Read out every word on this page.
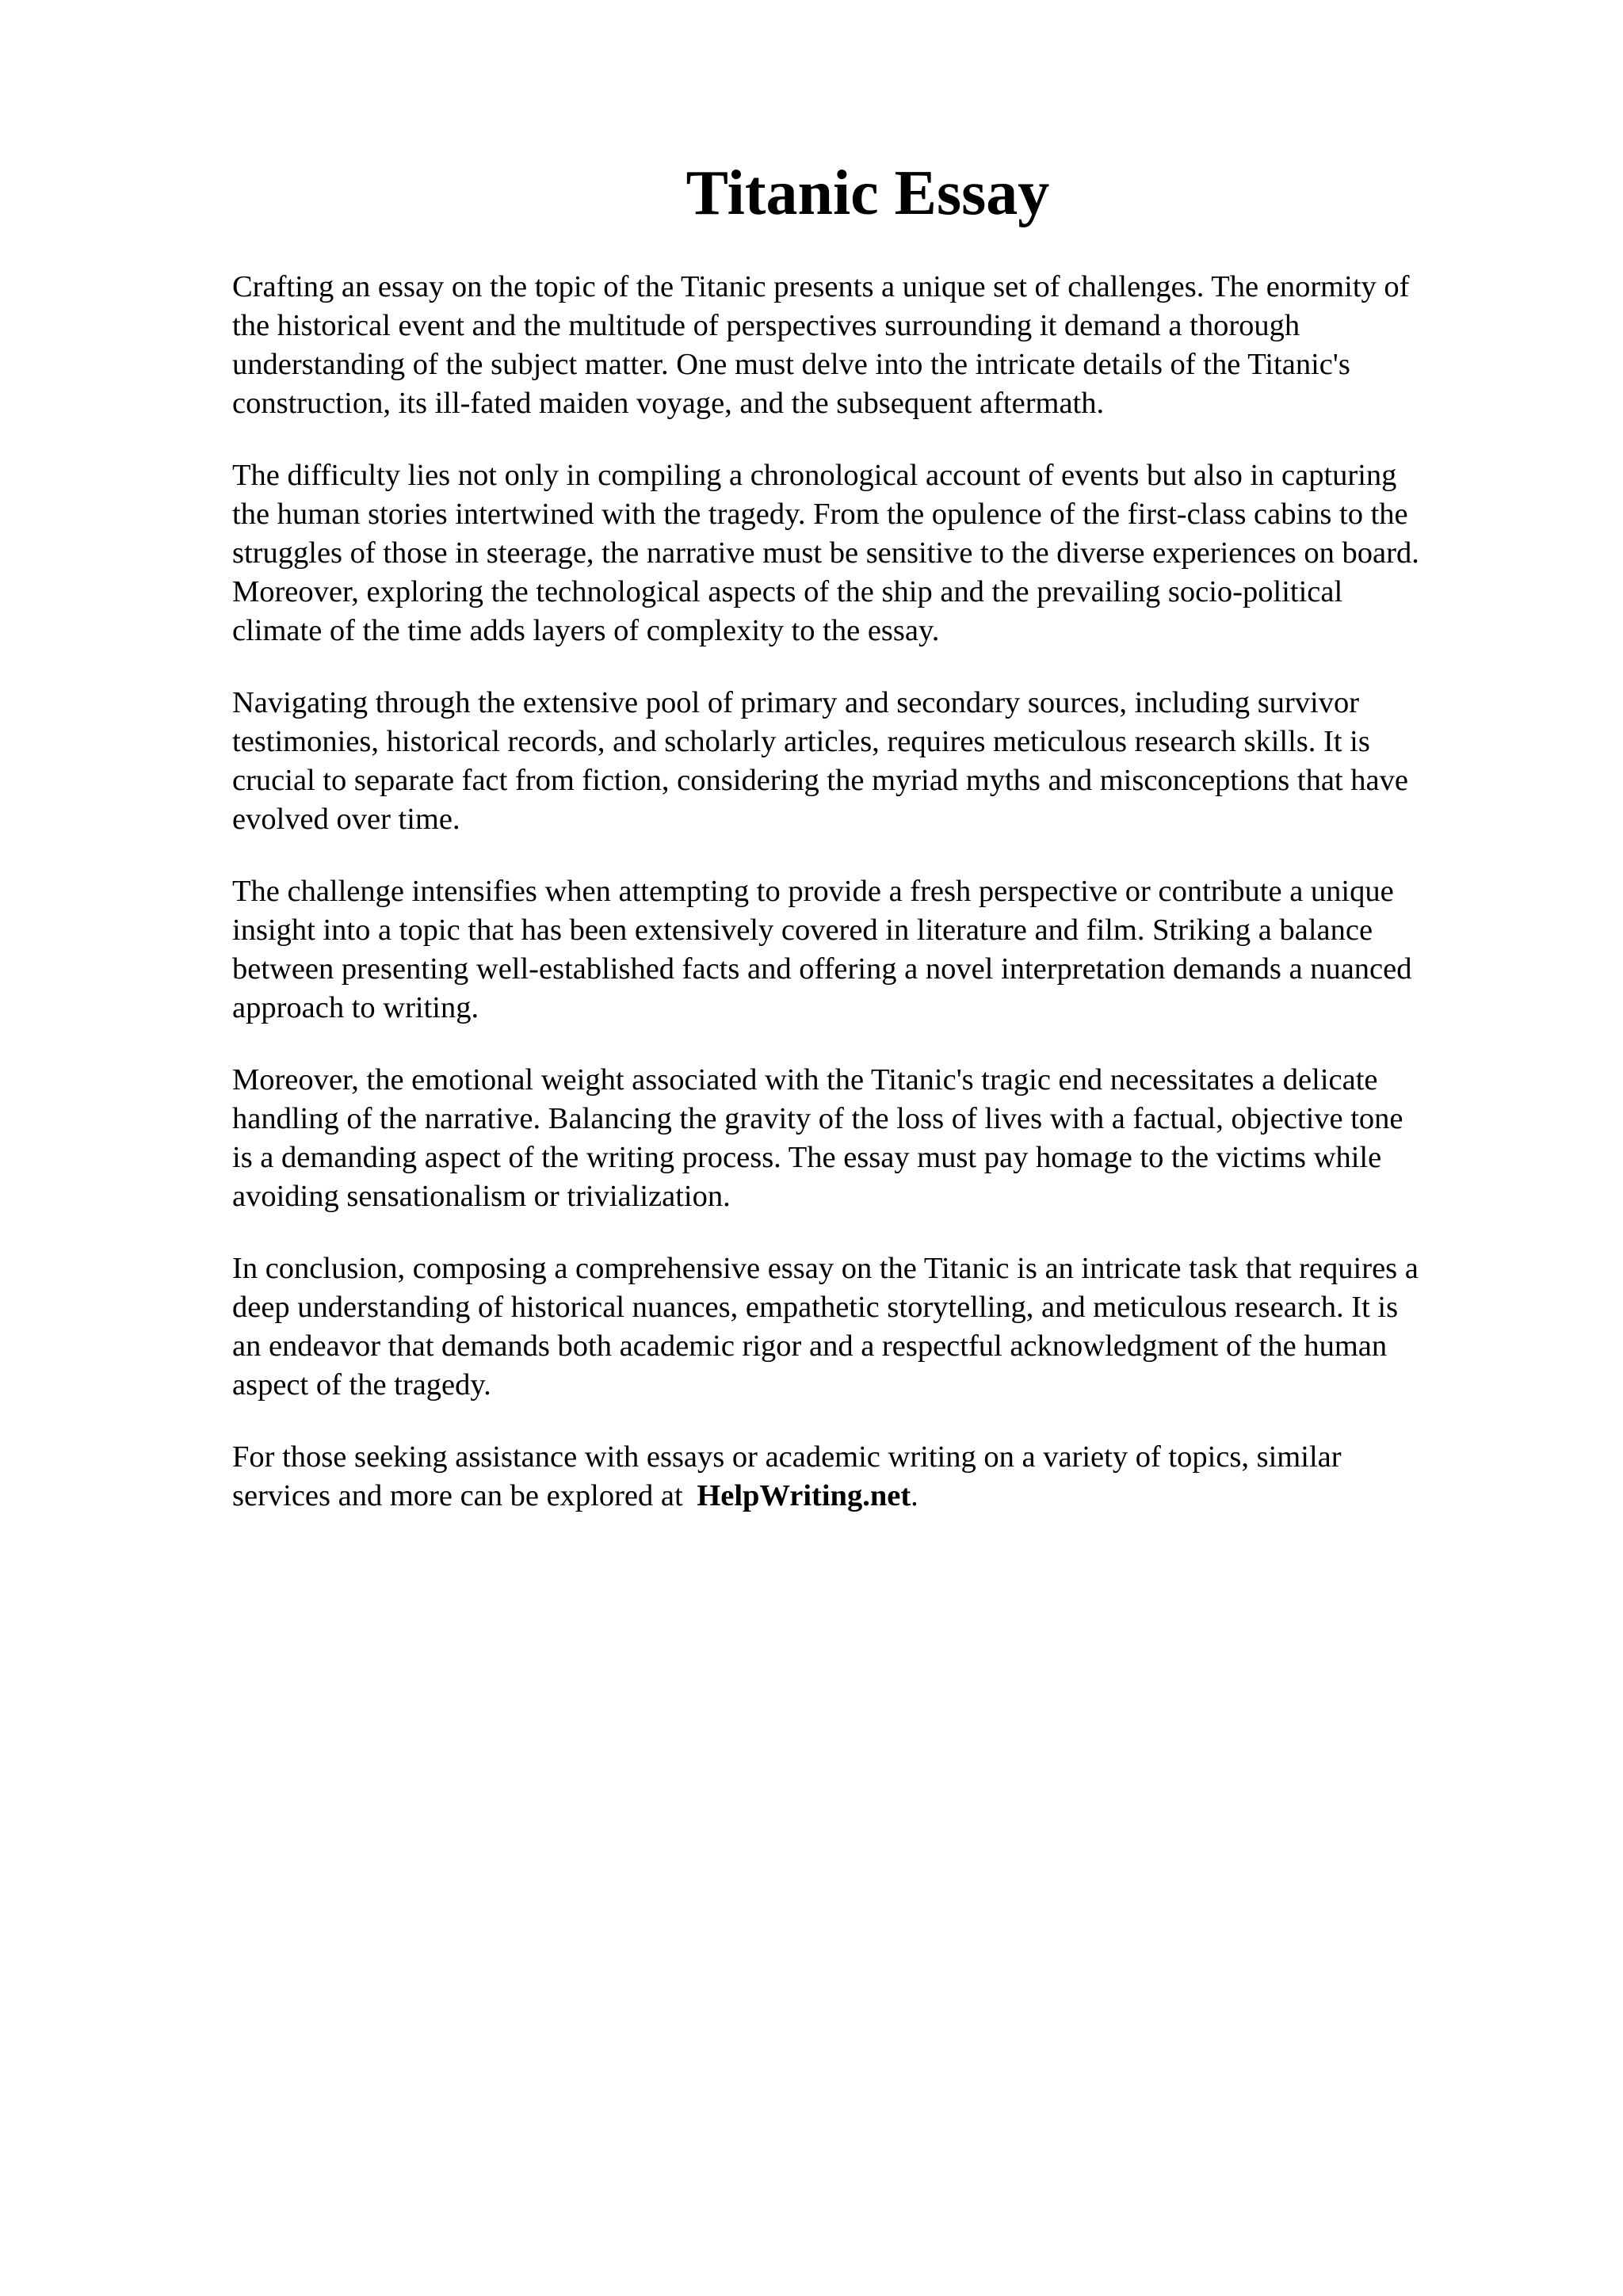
Titanic Essay

Crafting an essay on the topic of the Titanic presents a unique set of challenges. The enormity of
the historical event and the multitude of perspectives surrounding it demand a thorough
understanding of the subject matter. One must delve into the intricate details of the Titanic's
construction, its ill-fated maiden voyage, and the subsequent aftermath.

The difficulty lies not only in compiling a chronological account of events but also in capturing
the human stories intertwined with the tragedy. From the opulence of the first-class cabins to the
struggles of those in steerage, the narrative must be sensitive to the diverse experiences on board.
Moreover, exploring the technological aspects of the ship and the prevailing socio-political
climate of the time adds layers of complexity to the essay.

Navigating through the extensive pool of primary and secondary sources, including survivor
testimonies, historical records, and scholarly articles, requires meticulous research skills. It is
crucial to separate fact from fiction, considering the myriad myths and misconceptions that have
evolved over time.

The challenge intensifies when attempting to provide a fresh perspective or contribute a unique
insight into a topic that has been extensively covered in literature and film. Striking a balance
between presenting well-established facts and offering a novel interpretation demands a nuanced
approach to writing.

Moreover, the emotional weight associated with the Titanic's tragic end necessitates a delicate
handling of the narrative. Balancing the gravity of the loss of lives with a factual, objective tone
is a demanding aspect of the writing process. The essay must pay homage to the victims while
avoiding sensationalism or trivialization.

In conclusion, composing a comprehensive essay on the Titanic is an intricate task that requires a
deep understanding of historical nuances, empathetic storytelling, and meticulous research. It is
an endeavor that demands both academic rigor and a respectful acknowledgment of the human
aspect of the tragedy.

For those seeking assistance with essays or academic writing on a variety of topics, similar
services and more can be explored at HelpWriting.net.
